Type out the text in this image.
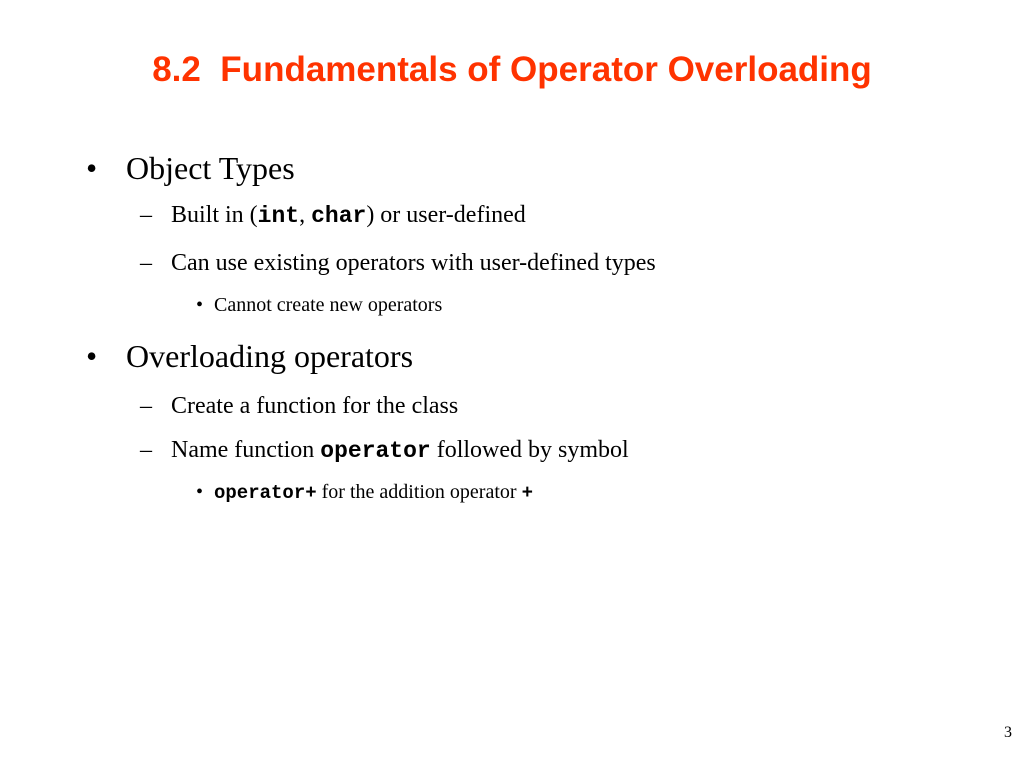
8.2  Fundamentals of Operator Overloading
• Object Types
– Built in (int, char) or user-defined
– Can use existing operators with user-defined types
• Cannot create new operators
• Overloading operators
– Create a function for the class
– Name function operator followed by symbol
• operator+ for the addition operator +
3
